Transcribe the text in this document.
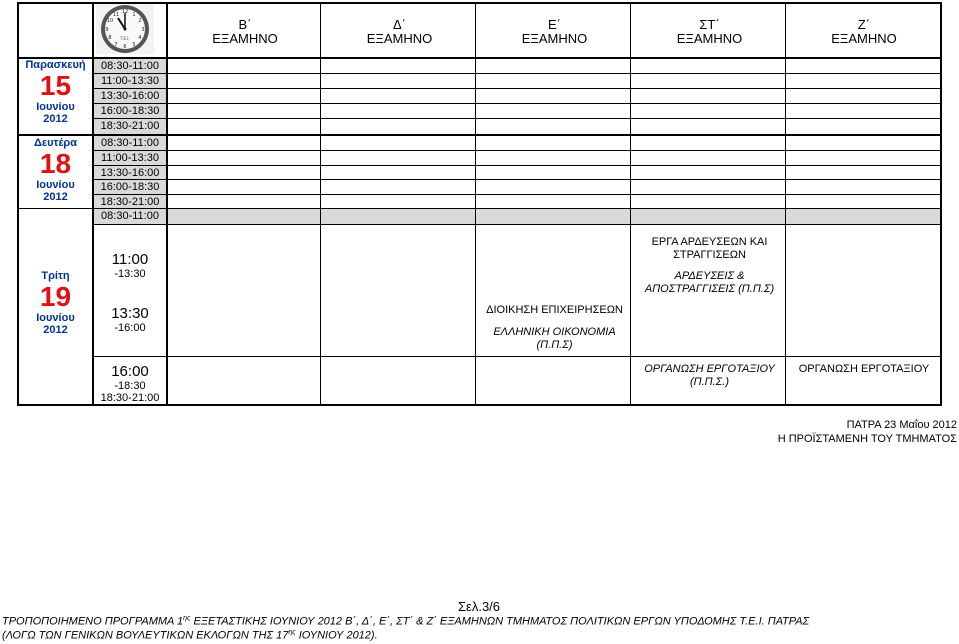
12 1
2
3
4
5
6
7
8
9
10
11
T.E.I.
Β΄
ΕΞΑΜΗΝΟ
Δ΄
ΕΞΑΜΗΝΟ
Ε΄
ΕΞΑΜΗΝΟ
ΣΤ΄
ΕΞΑΜΗΝΟ
Ζ΄
ΕΞΑΜΗΝΟ
Παρασκευή
15
Ιουνίου
2012
08:30-11:00
11:00-13:30
13:30-16:00
16:00-18:30
18:30-21:00
Δευτέρα
18
Ιουνίου
2012
08:30-11:00
11:00-13:30
13:30-16:00
16:00-18:30
18:30-21:00
Τρίτη
19
Ιουνίου
2012
08:30-11:00
11:00
-13:30
13:30
-16:00
16:00
-18:30
18:30-21:00
ΕΡΓΑ ΑΡΔΕΥΣΕΩΝ ΚΑΙ
ΣΤΡΑΓΓΙΣΕΩΝ
ΑΡΔΕΥΣΕΙΣ &
ΑΠΟΣΤΡΑΓΓΙΣΕΙΣ (Π.Π.Σ)
ΔΙΟΙΚΗΣΗ ΕΠΙΧΕΙΡΗΣΕΩΝ
ΕΛΛΗΝΙΚΗ ΟΙΚΟΝΟΜΙΑ
(Π.Π.Σ)
ΟΡΓΑΝΩΣΗ ΕΡΓΟΤΑΞΙΟΥ
(Π.Π.Σ.)
ΟΡΓΑΝΩΣΗ ΕΡΓΟΤΑΞΙΟΥ
ΠΑΤΡΑ 23 Μαΐου 2012
Η ΠΡΟΪΣΤΑΜΕΝΗ ΤΟΥ ΤΜΗΜΑΤΟΣ
Σελ.3/6
ΤΡΟΠΟΠΟΙΗΜΕΝΟ ΠΡΟΓΡΑΜΜΑ $1^{\eta\varsigma}$ ΕΞΕΤΑΣΤΙΚΗΣ ΙΟΥΝΙΟΥ 2012 Β΄, Δ΄, Ε΄, ΣΤ΄ & Ζ΄ ΕΞΑΜΗΝΩΝ ΤΜΗΜΑΤΟΣ ΠΟΛΙΤΙΚΩΝ ΕΡΓΩΝ ΥΠΟΔΟΜΗΣ Τ.Ε.Ι. ΠΑΤΡΑΣ
(ΛΟΓΩ ΤΩΝ ΓΕΝΙΚΩΝ ΒΟΥΛΕΥΤΙΚΩΝ ΕΚΛΟΓΩΝ ΤΗΣ $17^{\eta\varsigma}$ ΙΟΥΝΙΟΥ 2012).
